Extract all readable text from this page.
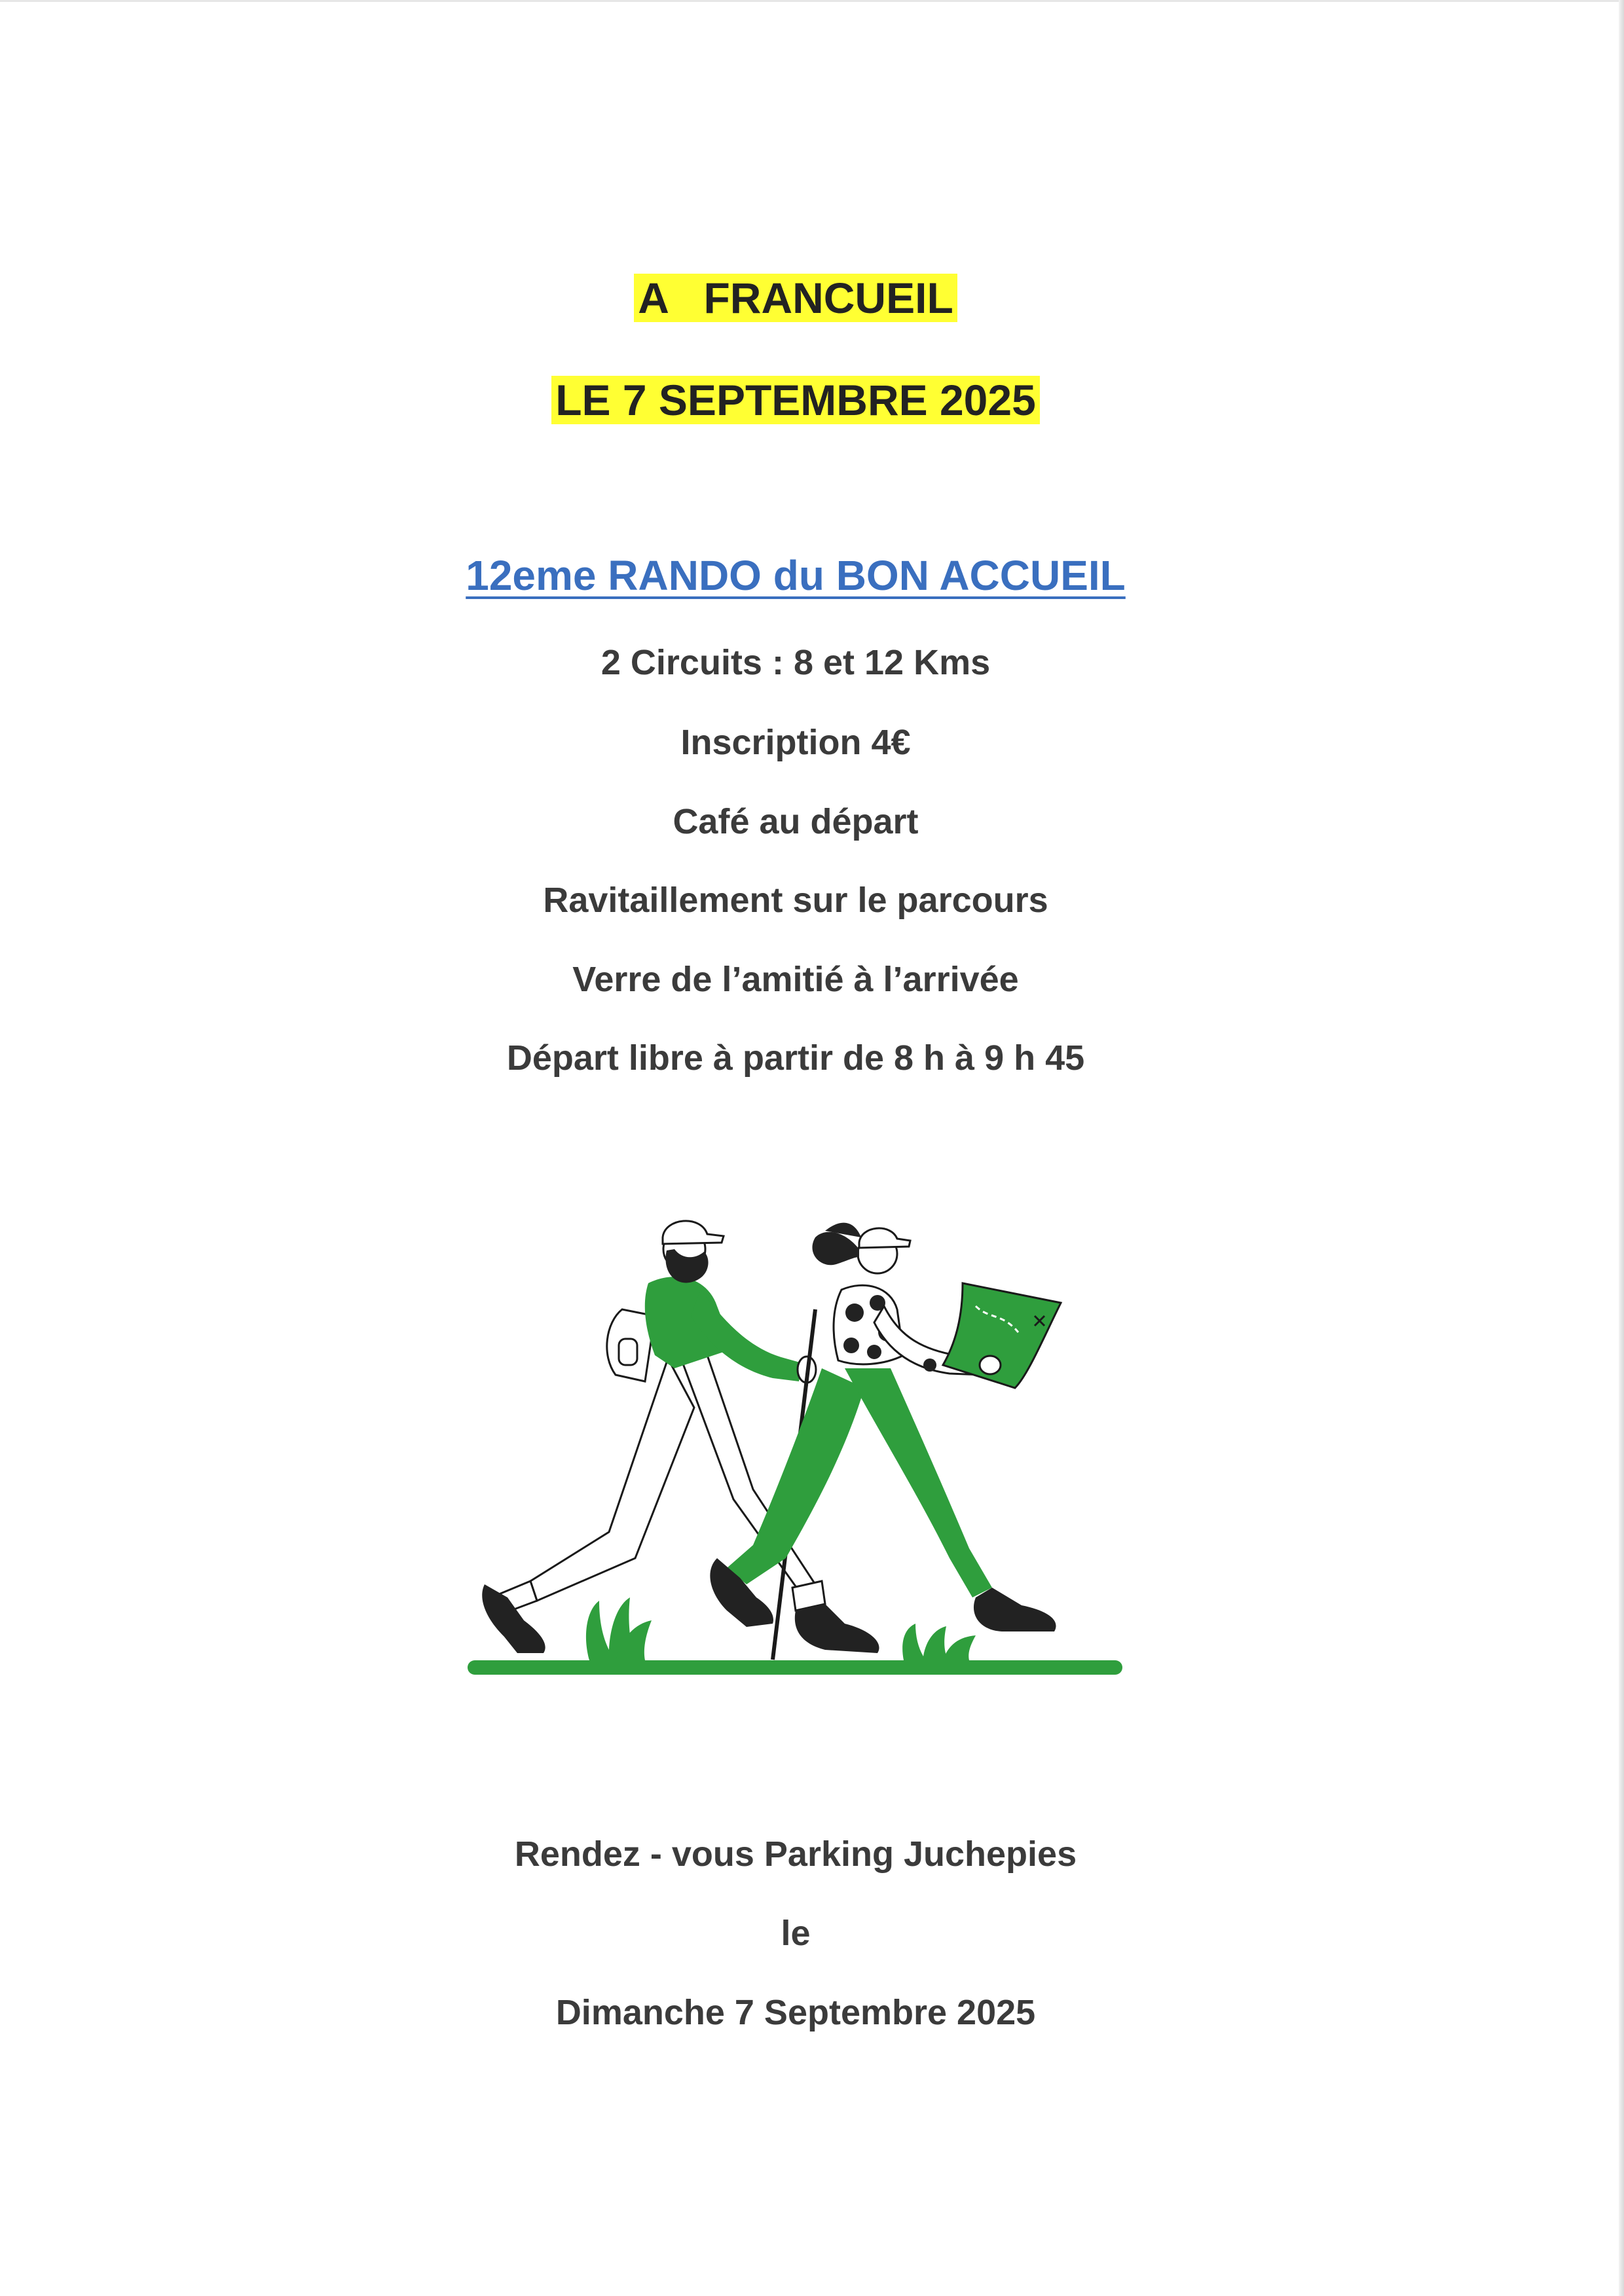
A   FRANCUEIL
LE 7 SEPTEMBRE 2025
12eme RANDO du BON ACCUEIL
2 Circuits : 8 et 12 Kms
Inscription 4€
Café au départ
Ravitaillement sur le parcours
Verre de l’amitié à l’arrivée
Départ libre à partir de 8 h à 9 h 45
Rendez - vous Parking Juchepies
le
Dimanche 7 Septembre 2025
